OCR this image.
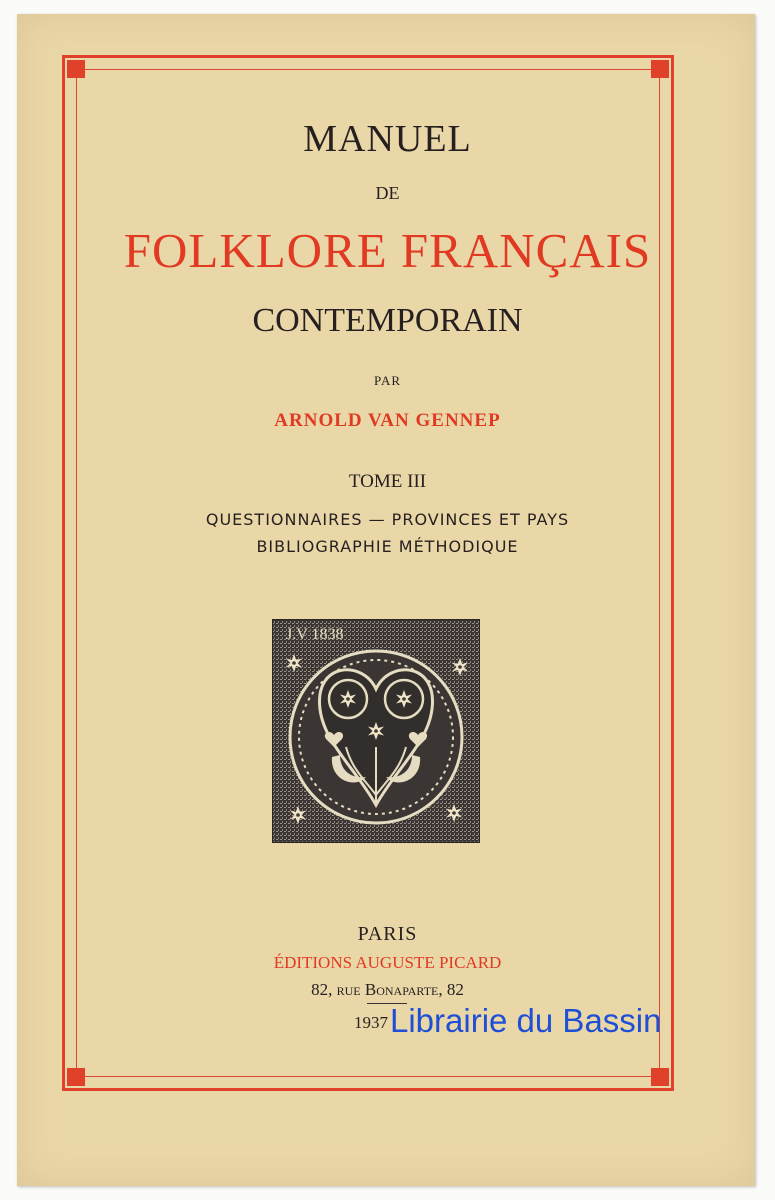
MANUEL
DE
FOLKLORE FRANÇAIS
CONTEMPORAIN
PAR
ARNOLD VAN GENNEP
TOME III
QUESTIONNAIRES — PROVINCES ET PAYS
BIBLIOGRAPHIE MÉTHODIQUE
J.V 1838
PARIS
ÉDITIONS AUGUSTE PICARD
82, rue Bonaparte, 82
1937 Librairie du Bassin
